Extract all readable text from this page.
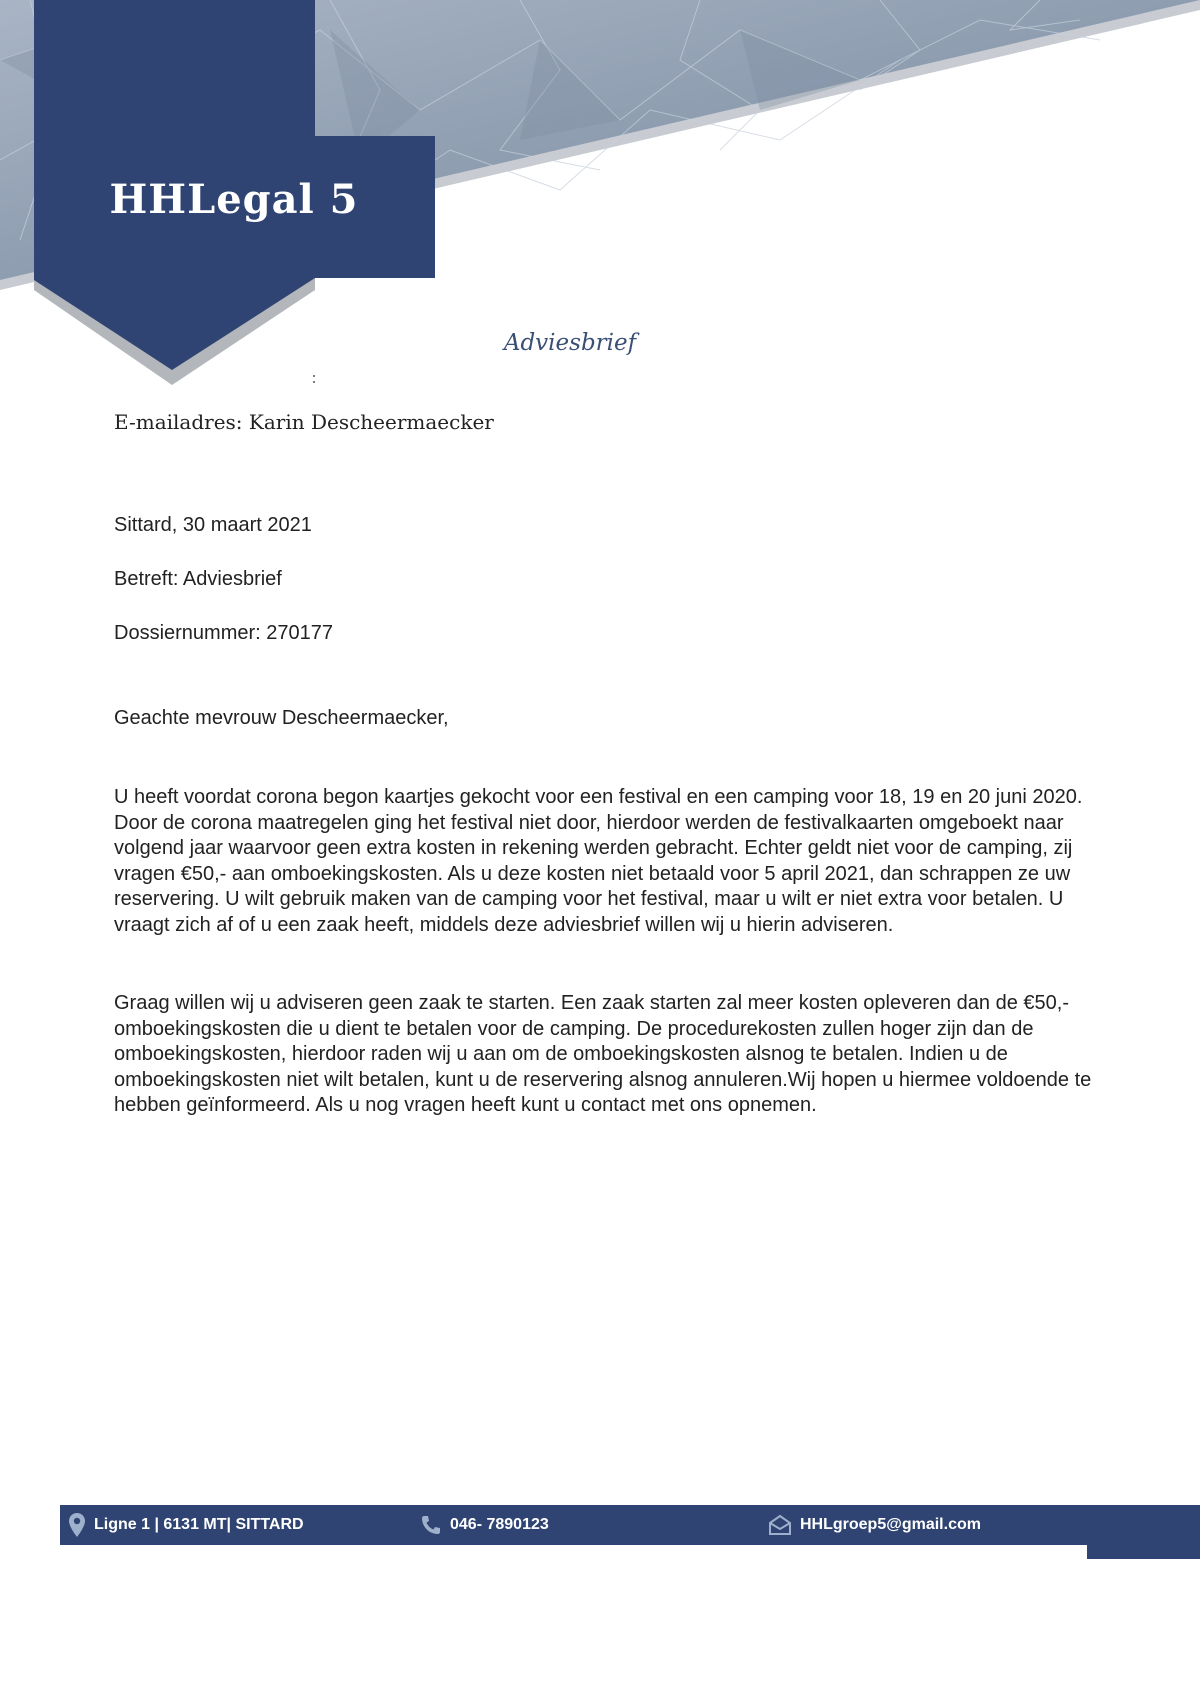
HHLegal 5
Adviesbrief
E-mailadres: Karin Descheermaecker
Sittard, 30 maart 2021
Betreft: Adviesbrief
Dossiernummer: 270177
Geachte mevrouw Descheermaecker,

U heeft voordat corona begon kaartjes gekocht voor een festival en een camping voor 18, 19 en 20 juni 2020. Door de corona maatregelen ging het festival niet door, hierdoor werden de festivalkaarten omgeboekt naar volgend jaar waarvoor geen extra kosten in rekening werden gebracht. Echter geldt niet voor de camping, zij vragen €50,- aan omboekingskosten. Als u deze kosten niet betaald voor 5 april 2021, dan schrappen ze uw reservering. U wilt gebruik maken van de camping voor het festival, maar u wilt er niet extra voor betalen. U vraagt zich af of u een zaak heeft, middels deze adviesbrief willen wij u hierin adviseren.

Graag willen wij u adviseren geen zaak te starten. Een zaak starten zal meer kosten opleveren dan de €50,- omboekingskosten die u dient te betalen voor de camping. De procedurekosten zullen hoger zijn dan de omboekingskosten, hierdoor raden wij u aan om de omboekingskosten alsnog te betalen. Indien u de omboekingskosten niet wilt betalen, kunt u de reservering alsnog annuleren.Wij hopen u hiermee voldoende te hebben geïnformeerd. Als u nog vragen heeft kunt u contact met ons opnemen.

Ligne 1 | 6131 MT| SITTARD	046- 7890123	HHLgroep5@gmail.com
